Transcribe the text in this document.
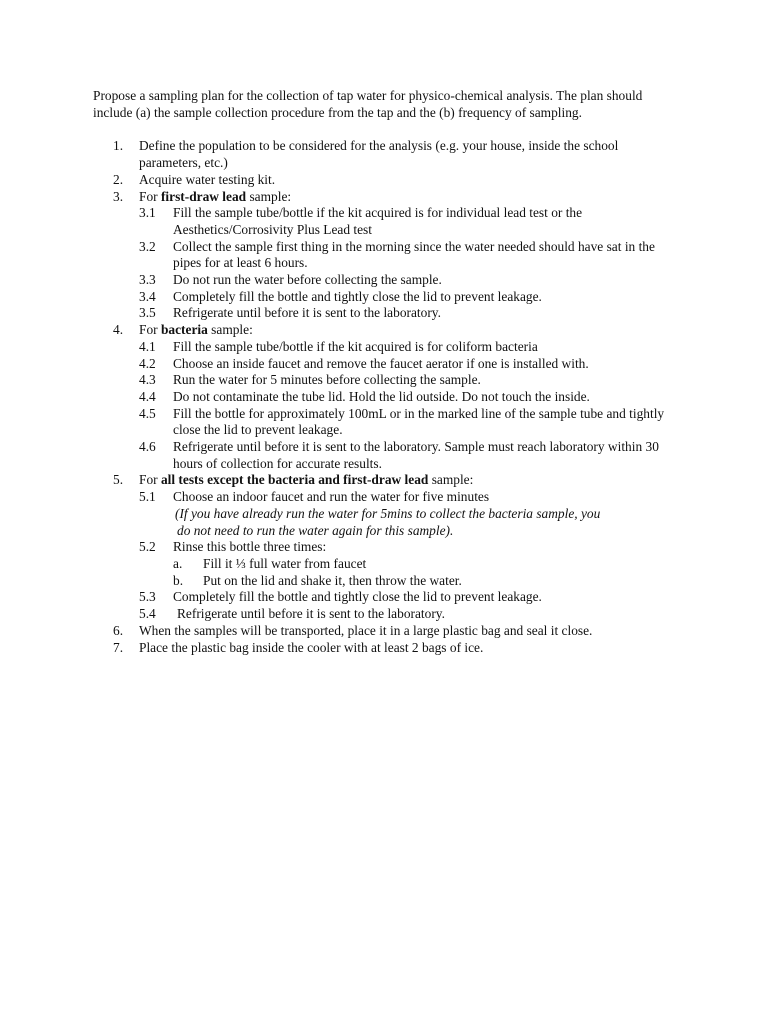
Propose a sampling plan for the collection of tap water for physico-chemical analysis. The plan should include (a) the sample collection procedure from the tap and the (b) frequency of sampling.

1. Define the population to be considered for the analysis (e.g. your house, inside the school parameters, etc.)
2. Acquire water testing kit.
3. For first-draw lead sample:
3.1 Fill the sample tube/bottle if the kit acquired is for individual lead test or the Aesthetics/Corrosivity Plus Lead test
3.2 Collect the sample first thing in the morning since the water needed should have sat in the pipes for at least 6 hours.
3.3 Do not run the water before collecting the sample.
3.4 Completely fill the bottle and tightly close the lid to prevent leakage.
3.5 Refrigerate until before it is sent to the laboratory.
4. For bacteria sample:
4.1 Fill the sample tube/bottle if the kit acquired is for coliform bacteria
4.2 Choose an inside faucet and remove the faucet aerator if one is installed with.
4.3 Run the water for 5 minutes before collecting the sample.
4.4 Do not contaminate the tube lid. Hold the lid outside. Do not touch the inside.
4.5 Fill the bottle for approximately 100mL or in the marked line of the sample tube and tightly close the lid to prevent leakage.
4.6 Refrigerate until before it is sent to the laboratory. Sample must reach laboratory within 30 hours of collection for accurate results.
5. For all tests except the bacteria and first-draw lead sample:
5.1 Choose an indoor faucet and run the water for five minutes
(If you have already run the water for 5mins to collect the bacteria sample, you
do not need to run the water again for this sample).
5.2 Rinse this bottle three times:
a. Fill it ⅓ full water from faucet
b. Put on the lid and shake it, then throw the water.
5.3 Completely fill the bottle and tightly close the lid to prevent leakage.
5.4 Refrigerate until before it is sent to the laboratory.
6. When the samples will be transported, place it in a large plastic bag and seal it close.
7. Place the plastic bag inside the cooler with at least 2 bags of ice.
